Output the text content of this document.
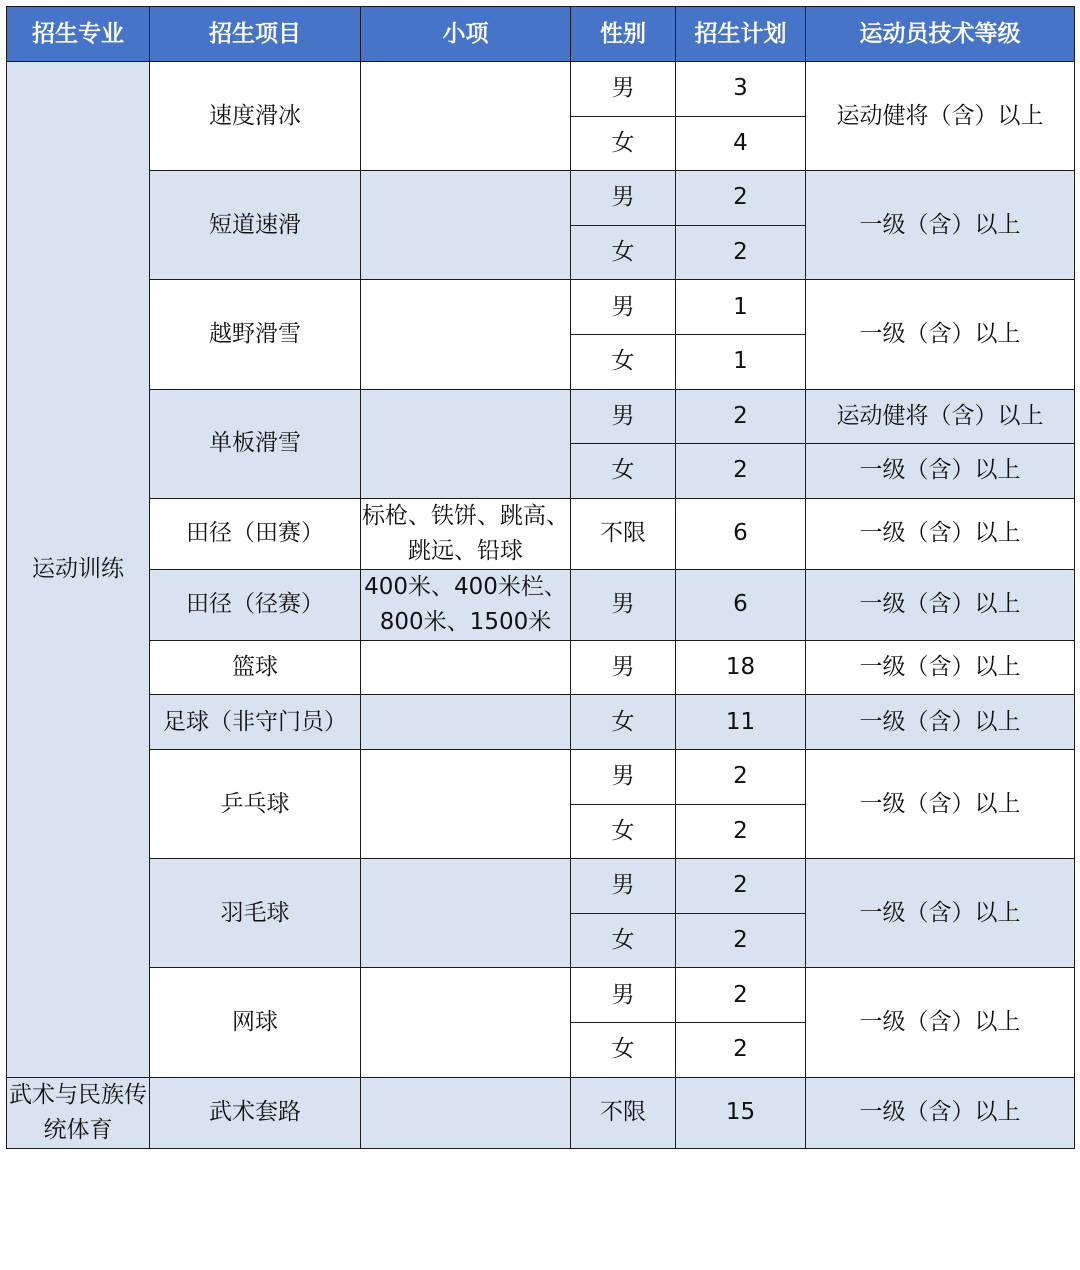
招生专业	招生项目	小项	性别	招生计划	运动员技术等级
运动训练	速度滑冰		男	3	运动健将（含）以上
			女	4	
	短道速滑		男	2	一级（含）以上
			女	2	
	越野滑雪		男	1	一级（含）以上
			女	1	
	单板滑雪		男	2	运动健将（含）以上
			女	2	一级（含）以上
	田径（田赛）	标枪、铁饼、跳高、跳远、铅球	不限	6	一级（含）以上

	田径（径赛）	400米、400米栏、800米、1500米	男	6	一级（含）以上

	篮球		男	18	一级（含）以上
	足球（非守门员）		女	11	一级（含）以上
	乒乓球		男	2	一级（含）以上
			女	2	
	羽毛球		男	2	一级（含）以上
			女	2	
	网球		男	2	一级（含）以上
			女	2	
武术与民族传统体育	武术套路		不限	15	一级（含）以上
